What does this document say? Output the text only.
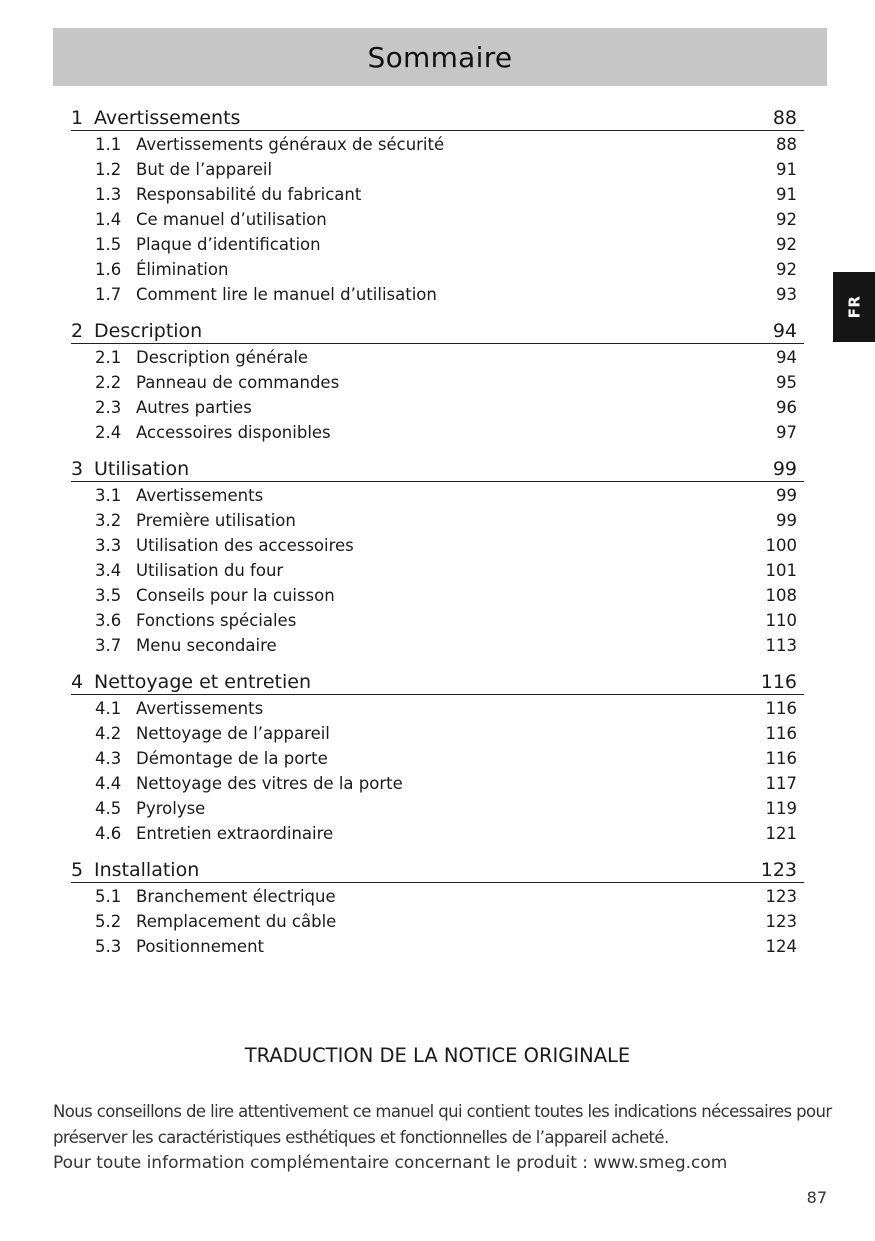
Sommaire
FR
1 Avertissements	88
1.1 Avertissements généraux de sécurité	88
1.2 But de l’appareil	91
1.3 Responsabilité du fabricant	91
1.4 Ce manuel d’utilisation	92
1.5 Plaque d’identification	92
1.6 Élimination	92
1.7 Comment lire le manuel d’utilisation	93
2 Description	94
2.1 Description générale	94
2.2 Panneau de commandes	95
2.3 Autres parties	96
2.4 Accessoires disponibles	97
3 Utilisation	99
3.1 Avertissements	99
3.2 Première utilisation	99
3.3 Utilisation des accessoires	100
3.4 Utilisation du four	101
3.5 Conseils pour la cuisson	108
3.6 Fonctions spéciales	110
3.7 Menu secondaire	113
4 Nettoyage et entretien	116
4.1 Avertissements	116
4.2 Nettoyage de l’appareil	116
4.3 Démontage de la porte	116
4.4 Nettoyage des vitres de la porte	117
4.5 Pyrolyse	119
4.6 Entretien extraordinaire	121
5 Installation	123
5.1 Branchement électrique	123
5.2 Remplacement du câble	123
5.3 Positionnement	124
TRADUCTION DE LA NOTICE ORIGINALE
Nous conseillons de lire attentivement ce manuel qui contient toutes les indications nécessaires pour préserver les caractéristiques esthétiques et fonctionnelles de l’appareil acheté.
Pour toute information complémentaire concernant le produit : www.smeg.com
87
